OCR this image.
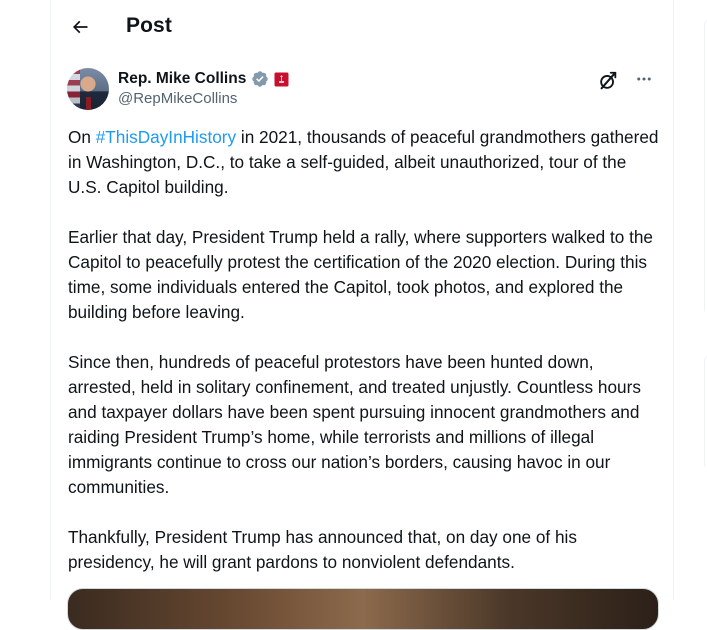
Post
Rep. Mike Collins
@RepMikeCollins

On #ThisDayInHistory in 2021, thousands of peaceful grandmothers gathered in Washington, D.C., to take a self-guided, albeit unauthorized, tour of the U.S. Capitol building.

Earlier that day, President Trump held a rally, where supporters walked to the Capitol to peacefully protest the certification of the 2020 election. During this time, some individuals entered the Capitol, took photos, and explored the building before leaving.

Since then, hundreds of peaceful protestors have been hunted down, arrested, held in solitary confinement, and treated unjustly. Countless hours and taxpayer dollars have been spent pursuing innocent grandmothers and raiding President Trump’s home, while terrorists and millions of illegal immigrants continue to cross our nation’s borders, causing havoc in our communities.

Thankfully, President Trump has announced that, on day one of his presidency, he will grant pardons to nonviolent defendants.
